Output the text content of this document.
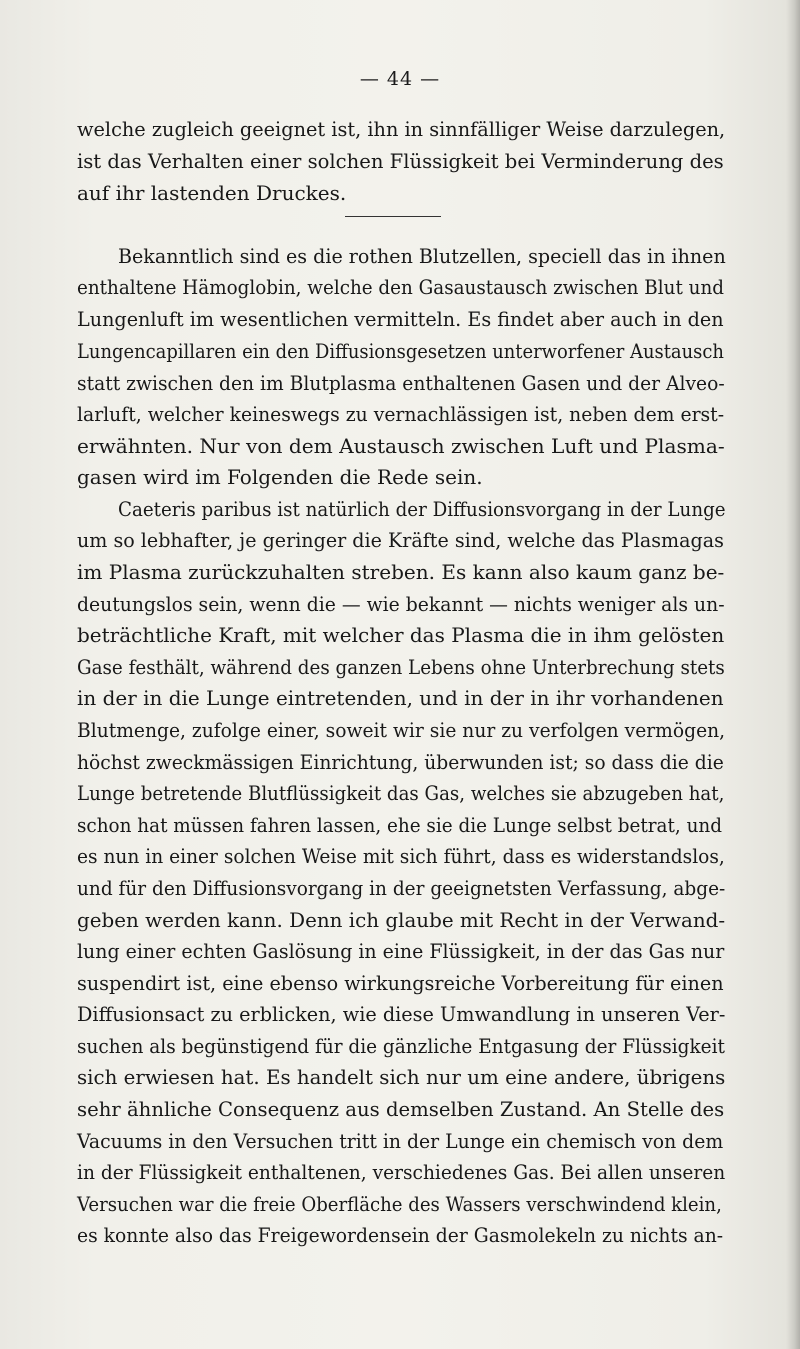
— 44 —
welche zugleich geeignet ist, ihn in sinnfälliger Weise darzulegen,
ist das Verhalten einer solchen Flüssigkeit bei Verminderung des
auf ihr lastenden Druckes.
Bekanntlich sind es die rothen Blutzellen, speciell das in ihnen
enthaltene Hämoglobin, welche den Gasaustausch zwischen Blut und
Lungenluft im wesentlichen vermitteln. Es findet aber auch in den
Lungencapillaren ein den Diffusionsgesetzen unterworfener Austausch
statt zwischen den im Blutplasma enthaltenen Gasen und der Alveo-
larluft, welcher keineswegs zu vernachlässigen ist, neben dem erst-
erwähnten. Nur von dem Austausch zwischen Luft und Plasma-
gasen wird im Folgenden die Rede sein.
Caeteris paribus ist natürlich der Diffusionsvorgang in der Lunge
um so lebhafter, je geringer die Kräfte sind, welche das Plasmagas
im Plasma zurückzuhalten streben. Es kann also kaum ganz be-
deutungslos sein, wenn die — wie bekannt — nichts weniger als un-
beträchtliche Kraft, mit welcher das Plasma die in ihm gelösten
Gase festhält, während des ganzen Lebens ohne Unterbrechung stets
in der in die Lunge eintretenden, und in der in ihr vorhandenen
Blutmenge, zufolge einer, soweit wir sie nur zu verfolgen vermögen,
höchst zweckmässigen Einrichtung, überwunden ist; so dass die die
Lunge betretende Blutflüssigkeit das Gas, welches sie abzugeben hat,
schon hat müssen fahren lassen, ehe sie die Lunge selbst betrat, und
es nun in einer solchen Weise mit sich führt, dass es widerstandslos,
und für den Diffusionsvorgang in der geeignetsten Verfassung, abge-
geben werden kann. Denn ich glaube mit Recht in der Verwand-
lung einer echten Gaslösung in eine Flüssigkeit, in der das Gas nur
suspendirt ist, eine ebenso wirkungsreiche Vorbereitung für einen
Diffusionsact zu erblicken, wie diese Umwandlung in unseren Ver-
suchen als begünstigend für die gänzliche Entgasung der Flüssigkeit
sich erwiesen hat. Es handelt sich nur um eine andere, übrigens
sehr ähnliche Consequenz aus demselben Zustand. An Stelle des
Vacuums in den Versuchen tritt in der Lunge ein chemisch von dem
in der Flüssigkeit enthaltenen, verschiedenes Gas. Bei allen unseren
Versuchen war die freie Oberfläche des Wassers verschwindend klein,
es konnte also das Freigewordensein der Gasmolekeln zu nichts an-
